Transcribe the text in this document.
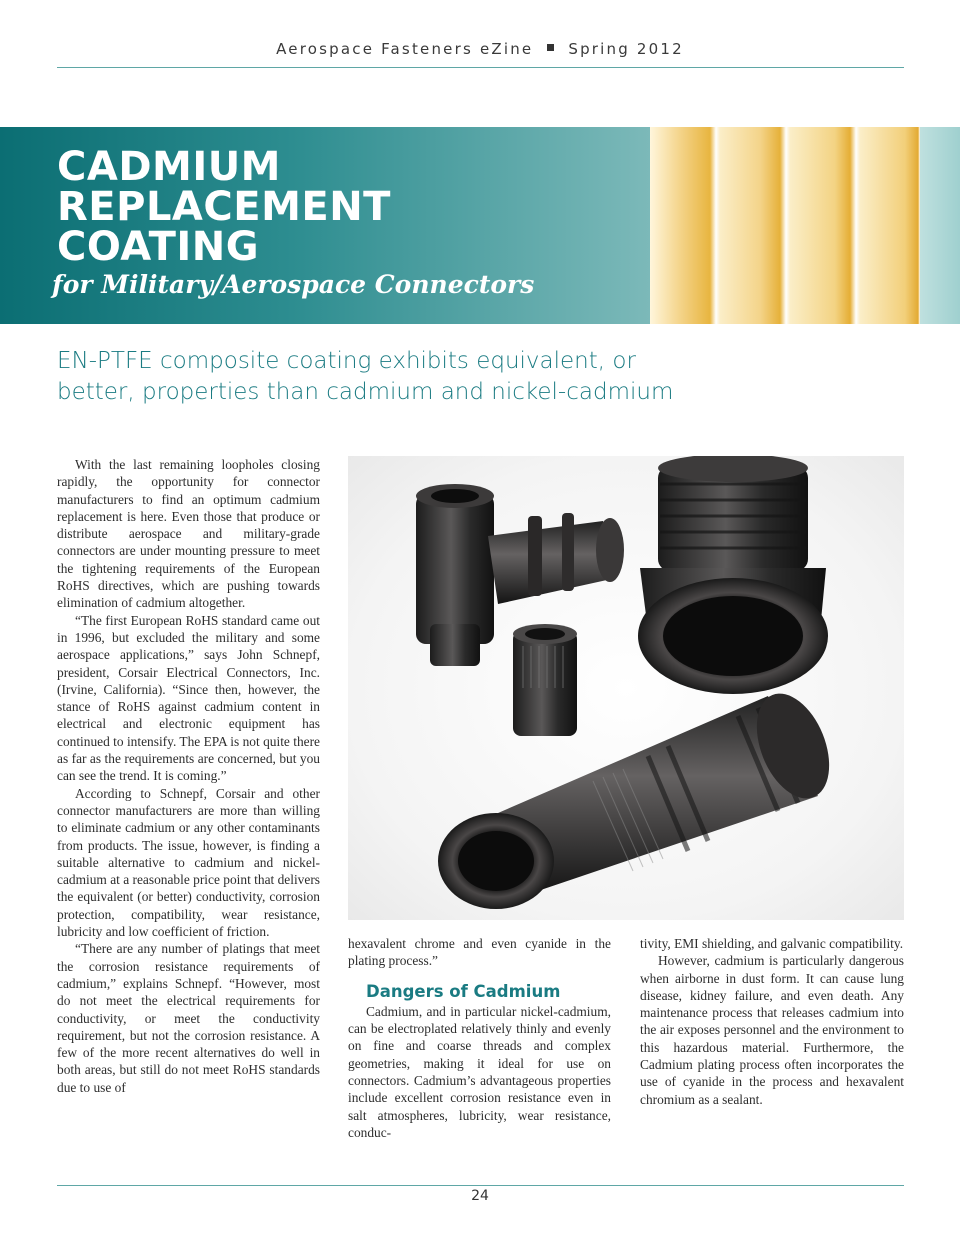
Aerospace Fasteners eZine Spring 2012
CADMIUM
REPLACEMENT
COATING
for Military/Aerospace Connectors
EN-PTFE composite coating exhibits equivalent, or better, properties than cadmium and nickel-cadmium

With the last remaining loopholes closing rapidly, the opportunity for connector manufacturers to find an optimum cadmium replacement is here. Even those that produce or distribute aerospace and military-grade connectors are under mounting pressure to meet the tightening requirements of the European RoHS directives, which are pushing towards elimination of cadmium altogether.

“The first European RoHS standard came out in 1996, but excluded the military and some aerospace applications,” says John Schnepf, president, Corsair Electrical Connectors, Inc. (Irvine, California). “Since then, however, the stance of RoHS against cadmium content in electrical and electronic equipment has continued to intensify. The EPA is not quite there as far as the requirements are concerned, but you can see the trend. It is coming.”

According to Schnepf, Corsair and other connector manufacturers are more than willing to eliminate cadmium or any other contaminants from products. The issue, however, is finding a suitable alternative to cadmium and nickel-cadmium at a reasonable price point that delivers the equivalent (or better) conductivity, corrosion protection, compatibility, wear resistance, lubricity and low coefficient of friction.

“There are any number of platings that meet the corrosion resistance requirements of cadmium,” explains Schnepf. “However, most do not meet the electrical requirements for conductivity, or meet the conductivity requirement, but not the corrosion resistance. A few of the more recent alternatives do well in both areas, but still do not meet RoHS standards due to use of

hexavalent chrome and even cyanide in the plating process.”

Dangers of Cadmium

Cadmium, and in particular nickel-cadmium, can be electroplated relatively thinly and evenly on fine and coarse threads and complex geometries, making it ideal for use on connectors. Cadmium’s advantageous properties include excellent corrosion resistance even in salt atmospheres, lubricity, wear resistance, conduc-

tivity, EMI shielding, and galvanic compatibility.

However, cadmium is particularly dangerous when airborne in dust form. It can cause lung disease, kidney failure, and even death. Any maintenance process that releases cadmium into the air exposes personnel and the environment to this hazardous material. Furthermore, the Cadmium plating process often incorporates the use of cyanide in the process and hexavalent chromium as a sealant.

24
